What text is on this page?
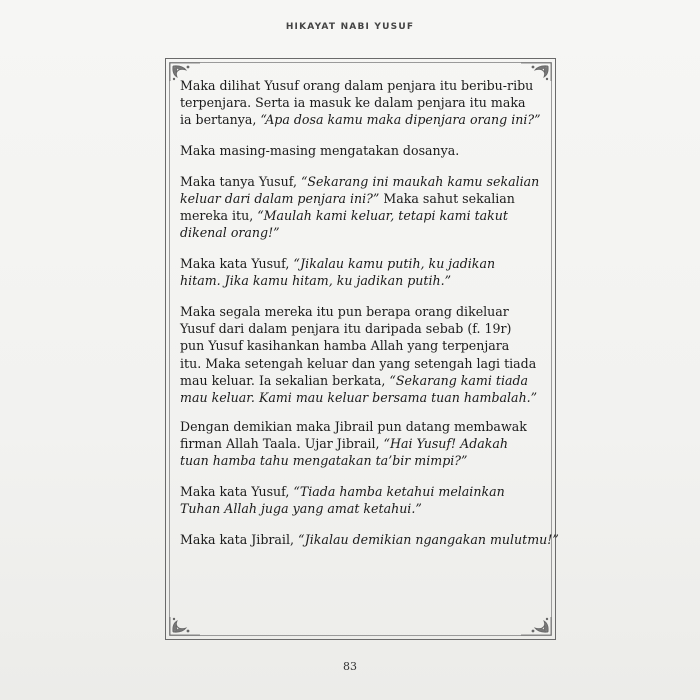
HIKAYAT NABI YUSUF

Maka dilihat Yusuf orang dalam penjara itu beribu-ribu
terpenjara. Serta ia masuk ke dalam penjara itu maka
ia bertanya, “Apa dosa kamu maka dipenjara orang ini?”

Maka masing-masing mengatakan dosanya.

Maka tanya Yusuf, “Sekarang ini maukah kamu sekalian
keluar dari dalam penjara ini?” Maka sahut sekalian
mereka itu, “Maulah kami keluar, tetapi kami takut
dikenal orang!”

Maka kata Yusuf, “Jikalau kamu putih, ku jadikan
hitam. Jika kamu hitam, ku jadikan putih.”

Maka segala mereka itu pun berapa orang dikeluar
Yusuf dari dalam penjara itu daripada sebab (f. 19r)
pun Yusuf kasihankan hamba Allah yang terpenjara
itu. Maka setengah keluar dan yang setengah lagi tiada
mau keluar. Ia sekalian berkata, “Sekarang kami tiada
mau keluar. Kami mau keluar bersama tuan hambalah.”

Dengan demikian maka Jibrail pun datang membawak
firman Allah Taala. Ujar Jibrail, “Hai Yusuf! Adakah
tuan hamba tahu mengatakan ta’bir mimpi?”

Maka kata Yusuf, “Tiada hamba ketahui melainkan
Tuhan Allah juga yang amat ketahui.”

Maka kata Jibrail, “Jikalau demikian ngangakan mulutmu!”

83
